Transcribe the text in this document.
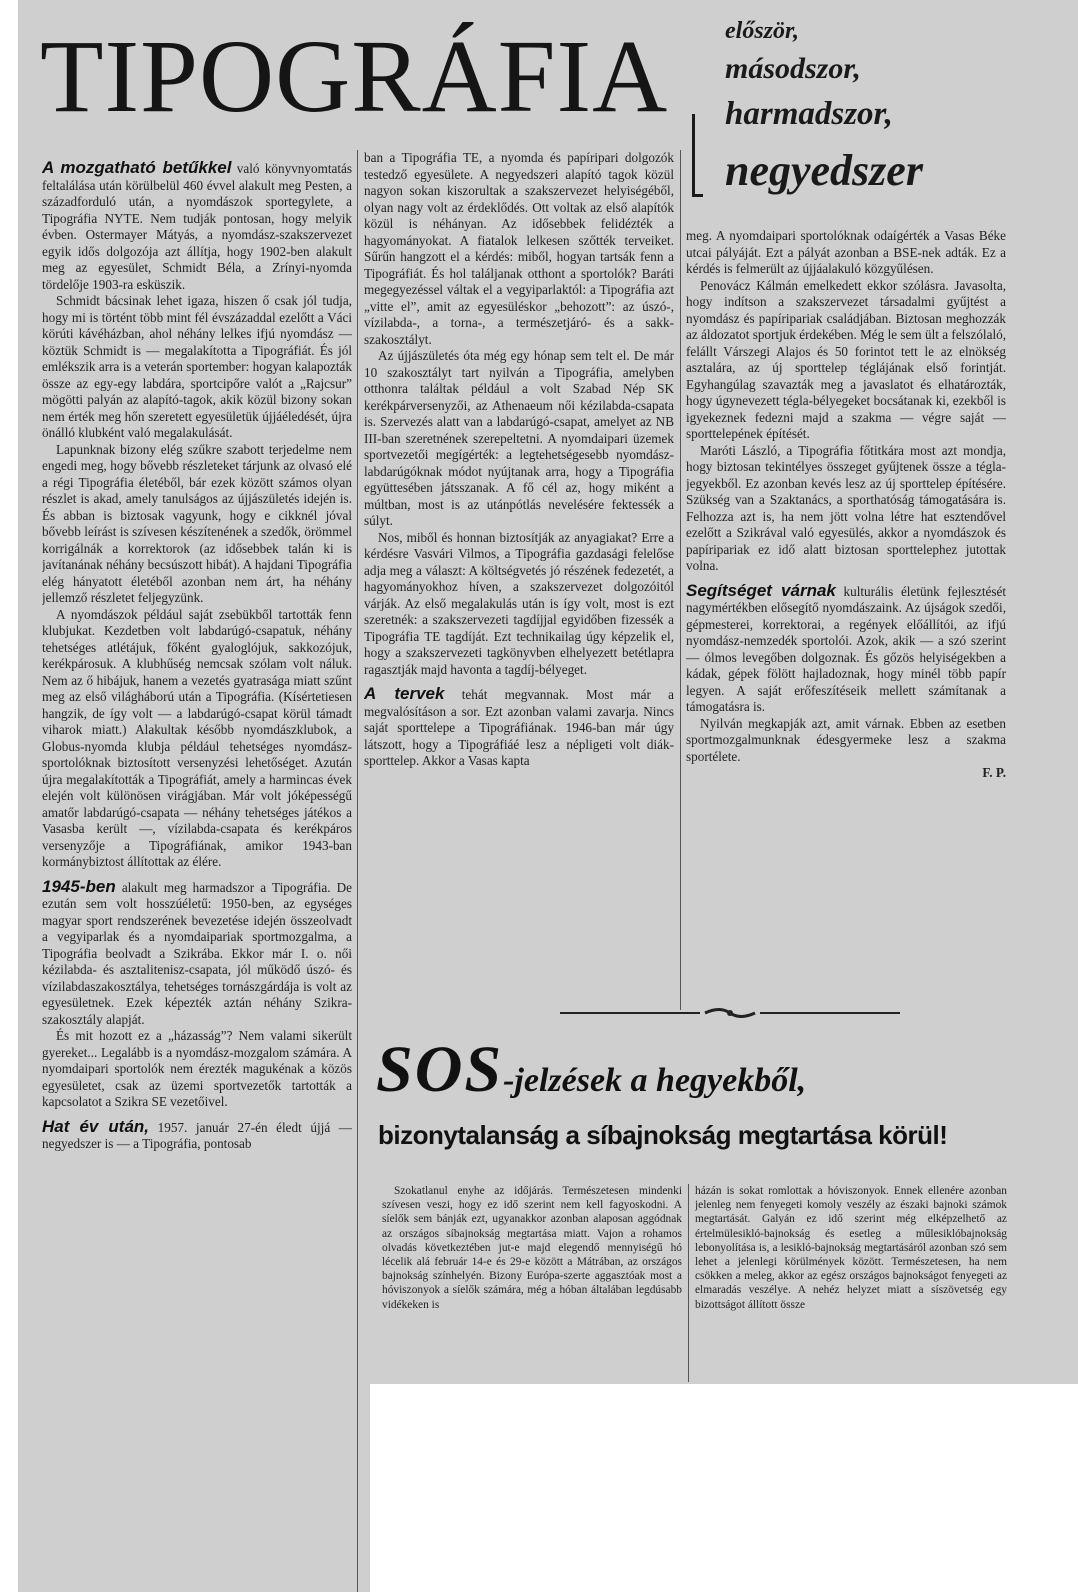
TIPOGRÁFIA először,
másodszor,
harmadszor,
negyedszer

A mozgatható betűkkel való könyvnyomtatás feltalálása után körülbelül 460 évvel alakult meg Pesten, a századforduló után, a nyomdászok sportegylete, a Tipográfia NYTE. Nem tudják pontosan, hogy melyik évben. Ostermayer Mátyás, a nyomdász-szakszervezet egyik idős dolgozója azt állítja, hogy 1902-ben alakult meg az egyesület, Schmidt Béla, a Zrínyi-nyomda tördelője 1903-ra esküszik.

Schmidt bácsinak lehet igaza, hiszen ő csak jól tudja, hogy mi is történt több mint fél évszázaddal ezelőtt a Váci körúti kávéházban, ahol néhány lelkes ifjú nyomdász — köztük Schmidt is — megalakította a Tipográfiát. És jól emlékszik arra is a veterán sportember: hogyan kalapozták össze az egy-egy labdára, sportcipőre valót a „Rajcsur” mögötti palyán az alapító-tagok, akik közül bizony sokan nem érték meg hőn szeretett egyesületük újjáéledését, újra önálló klubként való megalakulását.

Lapunknak bizony elég szűkre szabott terjedelme nem engedi meg, hogy bővebb részleteket tárjunk az olvasó elé a régi Tipográfia életéből, bár ezek között számos olyan részlet is akad, amely tanulságos az újjászületés idején is. És abban is biztosak vagyunk, hogy e cikknél jóval bővebb leírást is szívesen készítenének a szedők, örömmel korrigálnák a korrektorok (az idősebbek talán ki is javítanának néhány becsúszott hibát). A hajdani Tipográfia elég hányatott életéből azonban nem árt, ha néhány jellemző részletet feljegyzünk.

A nyomdászok például saját zsebükből tartották fenn klubjukat. Kezdetben volt labdarúgó-csapatuk, néhány tehetséges atlétájuk, főként gyaloglójuk, sakkozójuk, kerékpárosuk. A klubhűség nemcsak szólam volt náluk. Nem az ő hibájuk, hanem a vezetés gyatrasága miatt szűnt meg az első világháború után a Tipográfia. (Kísértetiesen hangzik, de így volt — a labdarúgó-csapat körül támadt viharok miatt.) Alakultak később nyomdászklubok, a Globus-nyomda klubja például tehetséges nyomdász-sportolóknak biztosított versenyzési lehetőséget. Azután újra megalakították a Tipográfiát, amely a harmincas évek elején volt különösen virágjában. Már volt jóképességű amatőr labdarúgó-csapata — néhány tehetséges játékos a Vasasba került —, vízilabda-csapata és kerékpáros versenyzője a Tipográfiának, amikor 1943-ban kormánybiztost állítottak az élére.

1945-ben alakult meg harmadszor a Tipográfia. De ezután sem volt hosszúéletű: 1950-ben, az egységes magyar sport rendszerének bevezetése idején összeolvadt a vegyiparlak és a nyomdaipariak sportmozgalma, a Tipográfia beolvadt a Szikrába. Ekkor már I. o. női kézilabda- és asztalitenisz-csapata, jól működő úszó- és vízilabdaszakosztálya, tehetséges tornászgárdája is volt az egyesületnek. Ezek képezték aztán néhány Szikra-szakosztály alapját.

És mit hozott ez a „házasság”? Nem valami sikerült gyereket... Legalább is a nyomdász-mozgalom számára. A nyomdaipari sportolók nem érezték magukénak a közös egyesületet, csak az üzemi sportvezetők tartották a kapcsolatot a Szikra SE vezetőivel.

Hat év után, 1957. január 27-én éledt újjá — negyedszer is — a Tipográfia, pontosab

ban a Tipográfia TE, a nyomda és papíripari dolgozók testedző egyesülete. A negyedszeri alapító tagok közül nagyon sokan kiszorultak a szakszervezet helyiségéből, olyan nagy volt az érdeklődés. Ott voltak az első alapítók közül is néhányan. Az idősebbek felidézték a hagyományokat. A fiatalok lelkesen szőtték terveiket. Sűrűn hangzott el a kérdés: miből, hogyan tartsák fenn a Tipográfiát. És hol találjanak otthont a sportolók? Baráti megegyezéssel váltak el a vegyiparlaktól: a Tipográfia azt „vitte el”, amit az egyesüléskor „behozott”: az úszó-, vízilabda-, a torna-, a természetjáró- és a sakk-szakosztályt.

Az újjászületés óta még egy hónap sem telt el. De már 10 szakosztályt tart nyilván a Tipográfia, amelyben otthonra találtak például a volt Szabad Nép SK kerékpárversenyzői, az Athenaeum női kézilabda-csapata is. Szervezés alatt van a labdarúgó-csapat, amelyet az NB III-ban szeretnének szerepeltetni. A nyomdaipari üzemek sportvezetői megígérték: a legtehetségesebb nyomdász-labdarúgóknak módot nyújtanak arra, hogy a Tipográfia együttesében játsszanak. A fő cél az, hogy miként a múltban, most is az utánpótlás nevelésére fektessék a súlyt.

Nos, miből és honnan biztosítják az anyagiakat? Erre a kérdésre Vasvári Vilmos, a Tipográfia gazdasági felelőse adja meg a választ: A költségvetés jó részének fedezetét, a hagyományokhoz híven, a szakszervezet dolgozóitól várják. Az első megalakulás után is így volt, most is ezt szeretnék: a szakszervezeti tagdíjjal egyidőben fizessék a Tipográfia TE tagdíját. Ezt technikailag úgy képzelik el, hogy a szakszervezeti tagkönyvben elhelyezett betétlapra ragasztják majd havonta a tagdíj-bélyeget.

A tervek tehát megvannak. Most már a megvalósításon a sor. Ezt azonban valami zavarja. Nincs saját sporttelepe a Tipográfiának. 1946-ban már úgy látszott, hogy a Tipográfiáé lesz a népligeti volt diák-sporttelep. Akkor a Vasas kapta

meg. A nyomdaipari sportolóknak odaígérték a Vasas Béke utcai pályáját. Ezt a pályát azonban a BSE-nek adták. Ez a kérdés is felmerült az újjáalakuló közgyűlésen.

Penovácz Kálmán emelkedett ekkor szólásra. Javasolta, hogy indítson a szakszervezet társadalmi gyűjtést a nyomdász és papíripariak családjában. Biztosan meghozzák az áldozatot sportjuk érdekében. Még le sem ült a felszólaló, felállt Várszegi Alajos és 50 forintot tett le az elnökség asztalára, az új sporttelep téglájának első forintját. Egyhangúlag szavazták meg a javaslatot és elhatározták, hogy úgynevezett tégla-bélyegeket bocsátanak ki, ezekből is igyekeznek fedezni majd a szakma — végre saját — sporttelepének építését.

Maróti László, a Tipográfia főtitkára most azt mondja, hogy biztosan tekintélyes összeget gyűjtenek össze a tégla-jegyekből. Ez azonban kevés lesz az új sporttelep építésére. Szükség van a Szaktanács, a sporthatóság támogatására is. Felhozza azt is, ha nem jött volna létre hat esztendővel ezelőtt a Szikrával való egyesülés, akkor a nyomdászok és papíripariak ez idő alatt biztosan sporttelephez jutottak volna.

Segítséget várnak kulturális életünk fejlesztését nagymértékben elősegítő nyomdászaink. Az újságok szedői, gépmesterei, korrektorai, a regények előállítói, az ifjú nyomdász-nemzedék sportolói. Azok, akik — a szó szerint — ólmos levegőben dolgoznak. És gőzös helyiségekben a kádak, gépek fölött hajladoznak, hogy minél több papír legyen. A saját erőfeszítéseik mellett számítanak a támogatásra is.

Nyilván megkapják azt, amit várnak. Ebben az esetben sportmozgalmunknak édesgyermeke lesz a szakma sportélete.

F. P.

SOS-jelzések a hegyekből,
bizonytalanság a síbajnokság megtartása körül!

Szokatlanul enyhe az időjárás. Természetesen mindenki szívesen veszi, hogy ez idő szerint nem kell fagyoskodni. A síelők sem bánják ezt, ugyanakkor azonban alaposan aggódnak az országos síbajnokság megtartása miatt. Vajon a rohamos olvadás következtében jut-e majd elegendő mennyiségű hó lécelik alá február 14-e és 29-e között a Mátrában, az országos bajnokság színhelyén. Bizony Európa-szerte aggasztóak most a hóviszonyok a síelők számára, még a hóban általában legdúsabb vidékeken is

házán is sokat romlottak a hóviszonyok. Ennek ellenére azonban jelenleg nem fenyegeti komoly veszély az északi bajnoki számok megtartását. Galyán ez idő szerint még elképzelhető az értelmülesikló-bajnokság és esetleg a műlesiklóbajnokság lebonyolítása is, a lesikló-bajnokság megtartásáról azonban szó sem lehet a jelenlegi körülmények között. Természetesen, ha nem csökken a meleg, akkor az egész országos bajnokságot fenyegeti az elmaradás veszélye. A nehéz helyzet miatt a síszövetség egy bizottságot állított össze
